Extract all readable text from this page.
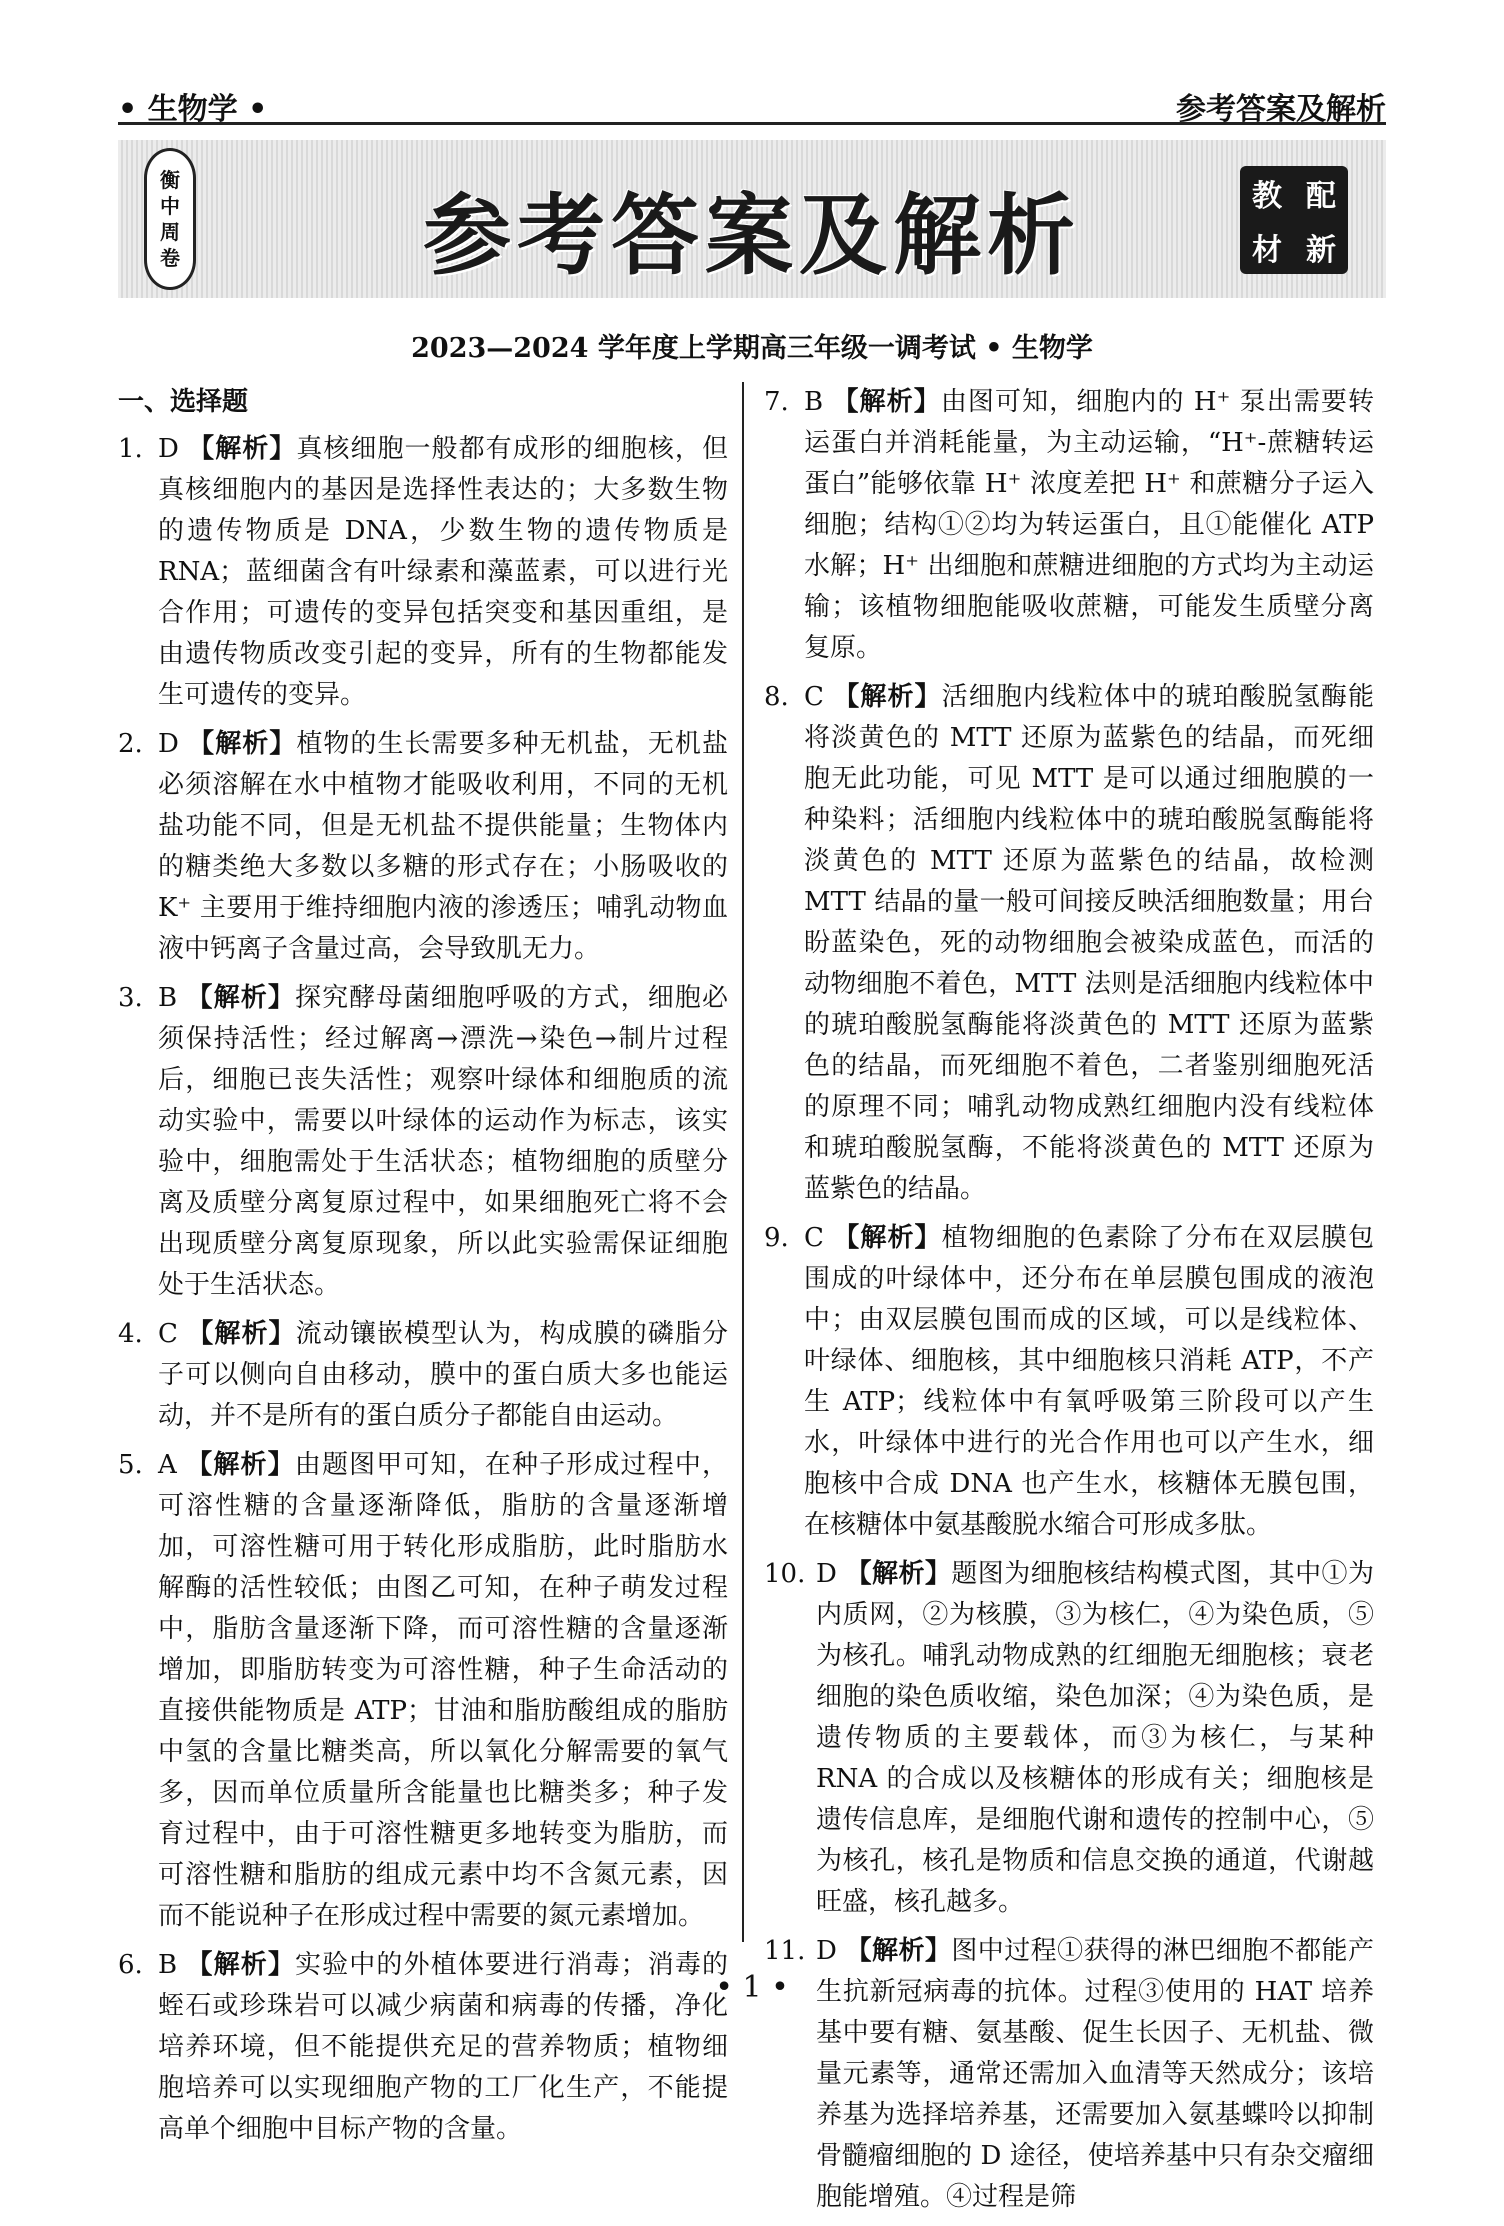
• 生物学 •	参考答案及解析
衡
中
周
卷	参考答案及解析	教 配
材 新
2023—2024 学年度上学期高三年级一调考试 • 生物学
一、选择题
1. D 【解析】真核细胞一般都有成形的细胞核，但真核细胞内的基因是选择性表达的；大多数生物的遗传物质是 DNA，少数生物的遗传物质是 RNA；蓝细菌含有叶绿素和藻蓝素，可以进行光合作用；可遗传的变异包括突变和基因重组，是由遗传物质改变引起的变异，所有的生物都能发生可遗传的变异。
2. D 【解析】植物的生长需要多种无机盐，无机盐必须溶解在水中植物才能吸收利用，不同的无机盐功能不同，但是无机盐不提供能量；生物体内的糖类绝大多数以多糖的形式存在；小肠吸收的 K⁺ 主要用于维持细胞内液的渗透压；哺乳动物血液中钙离子含量过高，会导致肌无力。
3. B 【解析】探究酵母菌细胞呼吸的方式，细胞必须保持活性；经过解离→漂洗→染色→制片过程后，细胞已丧失活性；观察叶绿体和细胞质的流动实验中，需要以叶绿体的运动作为标志，该实验中，细胞需处于生活状态；植物细胞的质壁分离及质壁分离复原过程中，如果细胞死亡将不会出现质壁分离复原现象，所以此实验需保证细胞处于生活状态。
4. C 【解析】流动镶嵌模型认为，构成膜的磷脂分子可以侧向自由移动，膜中的蛋白质大多也能运动，并不是所有的蛋白质分子都能自由运动。
5. A 【解析】由题图甲可知，在种子形成过程中，可溶性糖的含量逐渐降低，脂肪的含量逐渐增加，可溶性糖可用于转化形成脂肪，此时脂肪水解酶的活性较低；由图乙可知，在种子萌发过程中，脂肪含量逐渐下降，而可溶性糖的含量逐渐增加，即脂肪转变为可溶性糖，种子生命活动的直接供能物质是 ATP；甘油和脂肪酸组成的脂肪中氢的含量比糖类高，所以氧化分解需要的氧气多，因而单位质量所含能量也比糖类多；种子发育过程中，由于可溶性糖更多地转变为脂肪，而可溶性糖和脂肪的组成元素中均不含氮元素，因而不能说种子在形成过程中需要的氮元素增加。
6. B 【解析】实验中的外植体要进行消毒；消毒的蛭石或珍珠岩可以减少病菌和病毒的传播，净化培养环境，但不能提供充足的营养物质；植物细胞培养可以实现细胞产物的工厂化生产，不能提高单个细胞中目标产物的含量。
7. B 【解析】由图可知，细胞内的 H⁺ 泵出需要转运蛋白并消耗能量，为主动运输，“H⁺-蔗糖转运蛋白”能够依靠 H⁺ 浓度差把 H⁺ 和蔗糖分子运入细胞；结构①②均为转运蛋白，且①能催化 ATP 水解；H⁺ 出细胞和蔗糖进细胞的方式均为主动运输；该植物细胞能吸收蔗糖，可能发生质壁分离复原。
8. C 【解析】活细胞内线粒体中的琥珀酸脱氢酶能将淡黄色的 MTT 还原为蓝紫色的结晶，而死细胞无此功能，可见 MTT 是可以通过细胞膜的一种染料；活细胞内线粒体中的琥珀酸脱氢酶能将淡黄色的 MTT 还原为蓝紫色的结晶，故检测 MTT 结晶的量一般可间接反映活细胞数量；用台盼蓝染色，死的动物细胞会被染成蓝色，而活的动物细胞不着色，MTT 法则是活细胞内线粒体中的琥珀酸脱氢酶能将淡黄色的 MTT 还原为蓝紫色的结晶，而死细胞不着色，二者鉴别细胞死活的原理不同；哺乳动物成熟红细胞内没有线粒体和琥珀酸脱氢酶，不能将淡黄色的 MTT 还原为蓝紫色的结晶。
9. C 【解析】植物细胞的色素除了分布在双层膜包围成的叶绿体中，还分布在单层膜包围成的液泡中；由双层膜包围而成的区域，可以是线粒体、叶绿体、细胞核，其中细胞核只消耗 ATP，不产生 ATP；线粒体中有氧呼吸第三阶段可以产生水，叶绿体中进行的光合作用也可以产生水，细胞核中合成 DNA 也产生水，核糖体无膜包围，在核糖体中氨基酸脱水缩合可形成多肽。
10. D 【解析】题图为细胞核结构模式图，其中①为内质网，②为核膜，③为核仁，④为染色质，⑤为核孔。哺乳动物成熟的红细胞无细胞核；衰老细胞的染色质收缩，染色加深；④为染色质，是遗传物质的主要载体，而③为核仁，与某种 RNA 的合成以及核糖体的形成有关；细胞核是遗传信息库，是细胞代谢和遗传的控制中心，⑤为核孔，核孔是物质和信息交换的通道，代谢越旺盛，核孔越多。
11. D 【解析】图中过程①获得的淋巴细胞不都能产生抗新冠病毒的抗体。过程③使用的 HAT 培养基中要有糖、氨基酸、促生长因子、无机盐、微量元素等，通常还需加入血清等天然成分；该培养基为选择培养基，还需要加入氨基蝶呤以抑制骨髓瘤细胞的 D 途径，使培养基中只有杂交瘤细胞能增殖。④过程是筛
• 1 •
